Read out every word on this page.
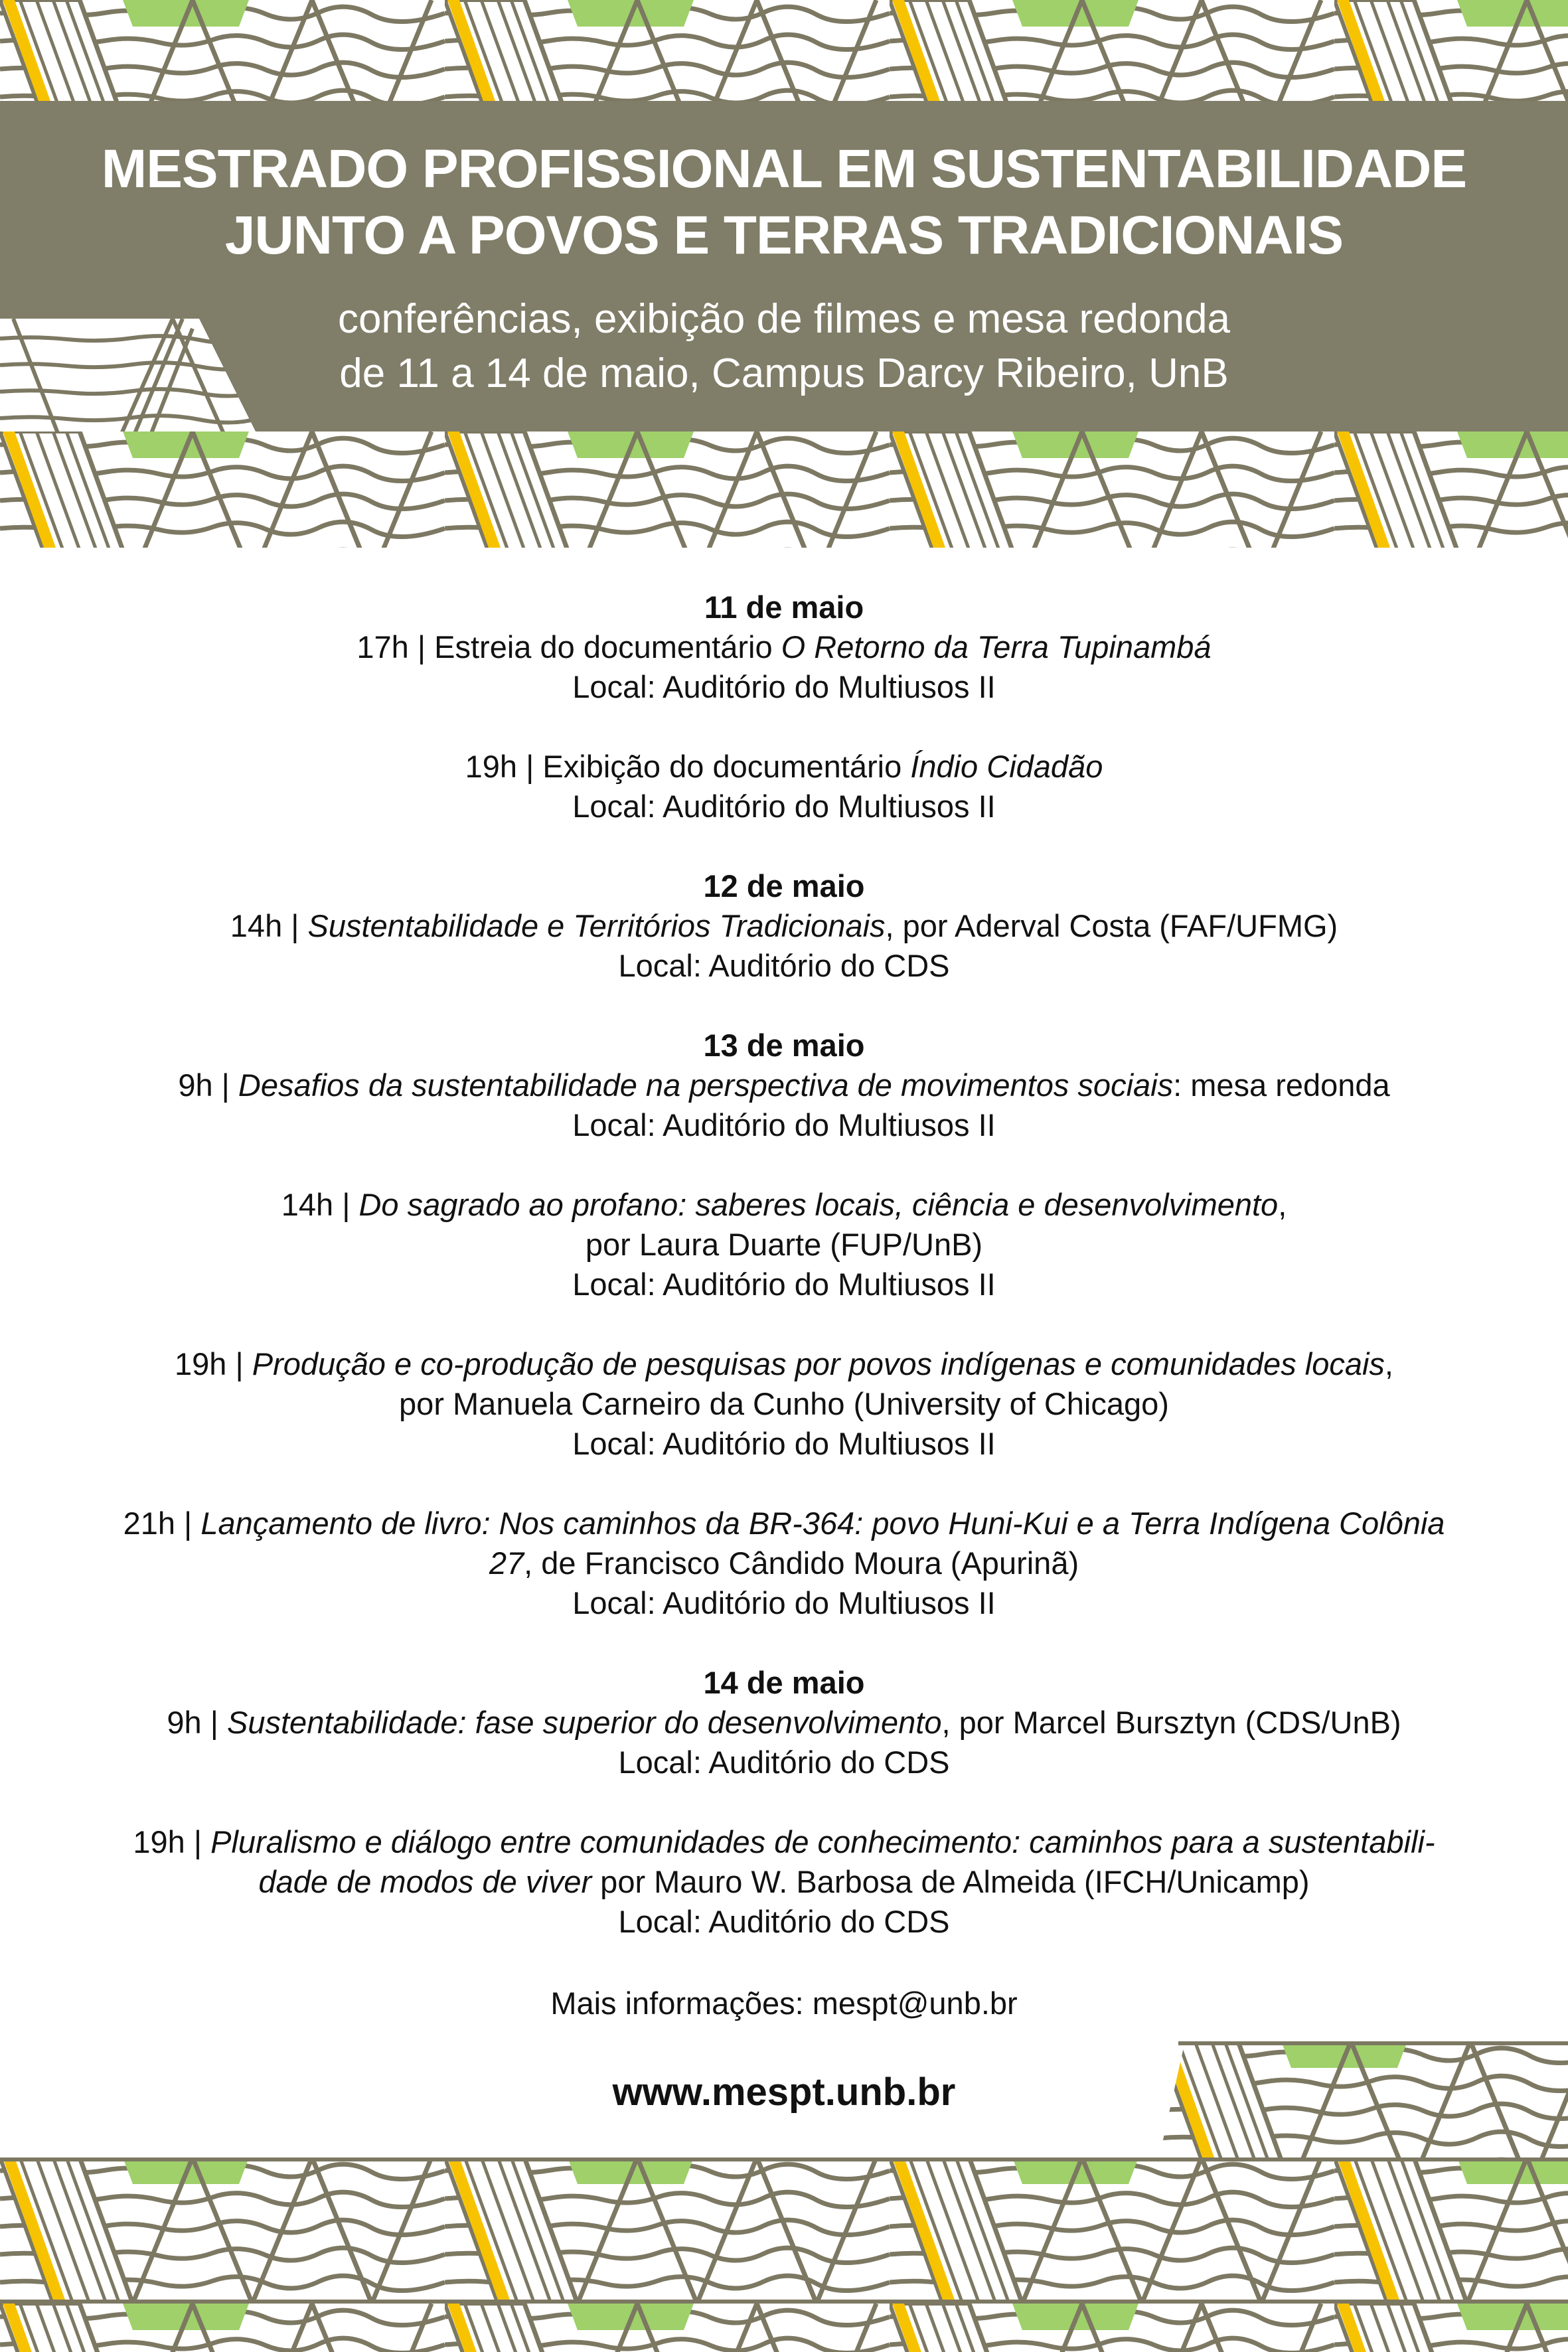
MESTRADO PROFISSIONAL EM SUSTENTABILIDADE
JUNTO A POVOS E TERRAS TRADICIONAIS
conferências, exibição de filmes e mesa redonda
de 11 a 14 de maio, Campus Darcy Ribeiro, UnB
11 de maio
17h | Estreia do documentário O Retorno da Terra Tupinambá
Local: Auditório do Multiusos II
19h | Exibição do documentário Índio Cidadão
Local: Auditório do Multiusos II
12 de maio
14h | Sustentabilidade e Territórios Tradicionais, por Aderval Costa (FAF/UFMG)
Local: Auditório do CDS
13 de maio
9h | Desafios da sustentabilidade na perspectiva de movimentos sociais: mesa redonda
Local: Auditório do Multiusos II
14h | Do sagrado ao profano: saberes locais, ciência e desenvolvimento,
por Laura Duarte (FUP/UnB)
Local: Auditório do Multiusos II
19h | Produção e co-produção de pesquisas por povos indígenas e comunidades locais,
por Manuela Carneiro da Cunho (University of Chicago)
Local: Auditório do Multiusos II
21h | Lançamento de livro: Nos caminhos da BR-364: povo Huni-Kui e a Terra Indígena Colônia
27, de Francisco Cândido Moura (Apurinã)
Local: Auditório do Multiusos II
14 de maio
9h | Sustentabilidade: fase superior do desenvolvimento, por Marcel Bursztyn (CDS/UnB)
Local: Auditório do CDS
19h | Pluralismo e diálogo entre comunidades de conhecimento: caminhos para a sustentabili-
dade de modos de viver por Mauro W. Barbosa de Almeida (IFCH/Unicamp)
Local: Auditório do CDS
Mais informações: mespt@unb.br
www.mespt.unb.br
